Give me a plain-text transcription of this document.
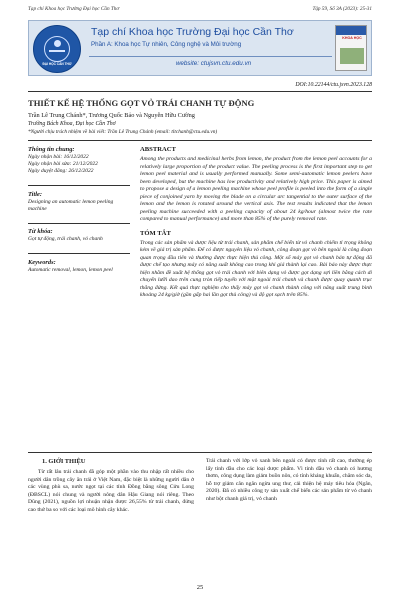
Tạp chí Khoa học Trường Đại học Cần Thơ	Tập 59, Số 3A (2023): 25-31
ĐẠI HỌC CẦN THƠ
Tạp chí Khoa học Trường Đại học Cần Thơ
Phần A: Khoa học Tự nhiên, Công nghệ và Môi trường
website: ctujsvn.ctu.edu.vn
KHOA HỌC
DOI:10.22144/ctu.jsvn.2023.128
THIẾT KẾ HỆ THỐNG GỌT VỎ TRÁI CHANH TỰ ĐỘNG
Trần Lê Trung Chánh*, Trương Quốc Bảo và Nguyễn Hữu Cường
Trường Bách Khoa, Đại học Cần Thơ
*Người chịu trách nhiệm về bài viết: Trần Lê Trung Chánh (email: tltchanh@ctu.edu.vn)
Thông tin chung:
Ngày nhận bài: 16/12/2022
Ngày nhận bài sửa: 21/12/2022
Ngày duyệt đăng: 26/12/2022
Title:
Designing an automatic lemon peeling machine
Từ khóa:
Gọt tự động, trái chanh, vỏ chanh
Keywords:
Automatic removal, lemon, lemon peel
ABSTRACT
Among the products and medicinal herbs from lemon, the product from the lemon peel accounts for a relatively large proportion of the product value. The peeling process is the first important step to get lemon peel material and is usually performed manually. Some semi-automatic lemon peelers have been developed, but the machine has low productivity and relatively high price. This paper is aimed to propose a design of a lemon peeling machine whose peel profile is peeled into the form of a single piece of conjoined yarn by moving the blade on a circular arc tangential to the outer surface of the lemon and the lemon is rotated around the vertical axis. The test results indicated that the lemon peeling machine succeeded with a peeling capacity of about 24 kg/hour (almost twice the rate compared to manual performance) and more than 85% of the purely removal rate.
TÓM TẮT
Trong các sản phẩm và dược liệu từ trái chanh, sản phẩm chế biến từ vỏ chanh chiếm tỉ trọng không kém về giá trị sản phẩm. Để có được nguyên liệu vỏ chanh, công đoạn gọt vỏ bên ngoài là công đoạn quan trọng đầu tiên và thường được thực hiện thủ công. Một số máy gọt vỏ chanh bán tự động đã được chế tạo nhưng máy có năng suất không cao trong khi giá thành lại cao. Bài báo này được thực hiện nhằm đề xuất hệ thống gọt vỏ trái chanh với biên dạng vỏ được gọt dạng sợi liền bằng cách di chuyển lưỡi dao trên cung tròn tiếp tuyến với mặt ngoài trái chanh và chanh được quay quanh trục thẳng đứng. Kết quả thực nghiệm cho thấy máy gọt vỏ chanh thành công với năng suất trung bình khoảng 24 kg/giờ (gần gấp hai lần gọt thủ công) và độ gọt sạch trên 85%.
1. GIỚI THIỆU
Từ rất lâu trái chanh đã góp một phần vào thu nhập rất nhiều cho người dân trồng cây ăn trái ở Việt Nam, đặc biệt là những người dân ở các vùng phù sa, nước ngọt tại các tỉnh Đồng bằng sông Cửu Long (ĐBSCL) nói chung và người nông dân Hậu Giang nói riêng. Theo Dũng (2021), nguồn lợi nhuận nhận được 26,55% từ trái chanh, đứng cao thứ ba so với các loại mô hình cây khác.
Trái chanh với lớp vỏ xanh bên ngoài có được tính rất cao, thường ép lấy tinh dầu cho các loại dược phẩm. Vì tinh dầu vỏ chanh có hương thơm, công dụng làm giảm buồn nôn, có tính kháng khuẩn, chăm sóc da, hỗ trợ giảm cân ngăn ngừa ung thư, cải thiện hệ máy tiêu hóa (Ngân, 2020). Đã có nhiều công ty sản xuất chế biến các sản phẩm từ vỏ chanh như bột chanh giá trị, vỏ chanh
25
